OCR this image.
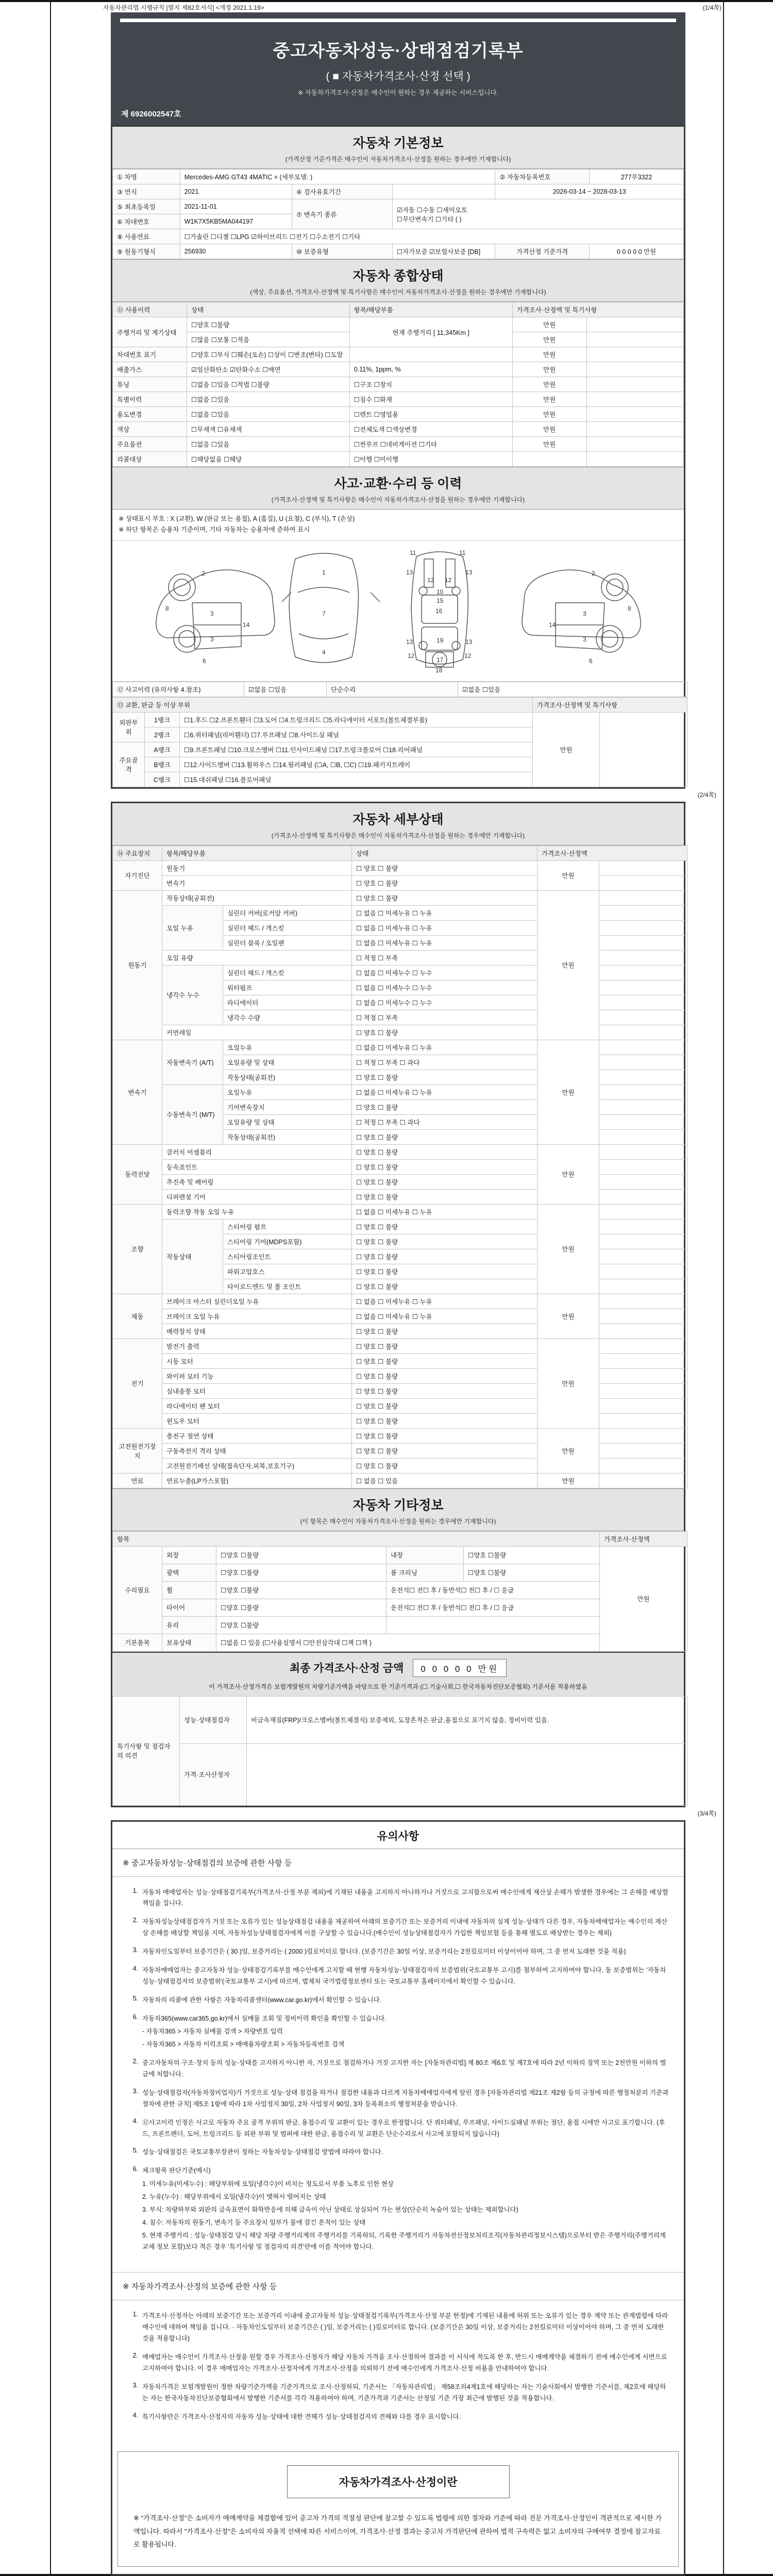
자동차관리법 시행규칙 [별지 제82호서식] <개정 2021.1.19>	(1/4쪽)
중고자동차성능·상태점검기록부
( ■ 자동차가격조사·산정 선택 )
※ 자동차가격조사·산정은 매수인이 원하는 경우 제공하는 서비스입니다.
제 6926002547호
자동차 기본정보
(가격산정 기준가격은 매수인이 자동차가격조사·산정을 원하는 경우에만 기재합니다)
① 차명	Mercedes-AMG GT43 4MATIC + (세부모델: )			② 자동차등록번호	277루3322
③ 연식	2021	④ 검사유효기간		2026-03-14 ~ 2028-03-13	
⑤ 최초등록일	2021-11-01	⑦ 변속기 종류	☑자동 ☐수동 ☐세미오토
☐무단변속기 ☐기타 ( )		

⑥ 차대번호	W1K7X5KB5MA044197				
⑧ 사용연료	☐가솔린 ☐디젤 ☐LPG ☑하이브리드 ☐전기 ☐수소전기 ☐기타				
⑨ 원동기형식	256930	⑩ 보증유형	☐자가보증 ☑보험사보증 [DB]	가격산정 기준가격	0 0 0 0 0 만원
자동차 종합상태
(색상, 주요옵션, 가격조사·산정액 및 특기사항은 매수인이 자동차가격조사·산정을 원하는 경우에만 기재합니다)
⑪ 사용이력	상태	항목/해당부품	가격조사·산정액 및 특기사항	
주행거리 및 계기상태	☐양호 ☐불량	현재 주행거리 [ 11,345Km ]	만원	
	☐많음 ☐보통 ☐적음		만원	
차대번호 표기	☐양호 ☐부식 ☐훼손(오손) ☐상이 ☐변조(변타) ☐도말		만원	
배출가스	☑일산화탄소 ☑탄화수소 ☐매연	0.11%, 1ppm, %	만원	
튜닝	☐없음 ☐있음 ☐적법 ☐불량	☐구조 ☐장치	만원	
특별이력	☐없음 ☐있음	☐침수 ☐화재	만원	
용도변경	☐없음 ☐있음	☐렌트 ☐영업용	만원	
색상	☐무채색 ☐유채색	☐전체도색 ☐색상변경	만원	
주요옵션	☐없음 ☐있음	☐썬루프 ☐네비게이션 ☐기타	만원	
리콜대상	☐해당없음 ☐해당	☐이행 ☐미이행		
사고·교환·수리 등 이력
(가격조사·산정액 및 특기사항은 매수인이 자동차가격조사·산정을 원하는 경우에만 기재합니다)
※ 상태표시 부호 : X (교환), W (판금 또는 용접), A (흠집), U (요철), C (부식), T (손상)
※ 하단 항목은 승용차 기준이며, 기타 자동차는 승용차에 준하여 표시
2
8
3
14
3
6
1
7
4
11	11
13	13
12 12
10
15
16
13	13
19
17
12	12
18
2
8
3
14
3
6
⑫ 사고이력 (유의사항 4.참조)	☑없음 ☐있음	단순수리	☑없음 ☐있음
⑬ 교환, 판금 등 이상 부위			가격조사·산정액 및 특기사항	
외판부위	1랭크	☐1.후드 ☐2.프론트휀더 ☐3.도어 ☐4.트렁크리드 ☐5.라디에이터 서포트(볼트체결부품)	만원	
	2랭크	☐6.쿼터패널(리어휀더) ☐7.루프패널 ☐8.사이드실 패널		
주요골격	A랭크	☐9.프론트패널 ☐10.크로스멤버 ☐11.인사이드패널 ☐17.트렁크플로어 ☐18.리어패널		
	B랭크	☐12.사이드멤버 ☐13.휠하우스 ☐14.필러패널 (☐A, ☐B, ☐C) ☐19.패키지트레이		
	C랭크	☐15.대쉬패널 ☐16.플로어패널		
(2/4쪽)
자동차 세부상태
(가격조사·산정액 및 특기사항은 매수인이 자동차가격조사·산정을 원하는 경우에만 기재합니다)
⑭ 주요장치	항목/해당부품		상태	가격조사·산정액	
자기진단	원동기		☐ 양호 ☐ 불량	만원	
	변속기		☐ 양호 ☐ 불량		
원동기	작동상태(공회전)		☐ 양호 ☐ 불량	만원	
	오일 누유	실린더 커버(로커암 커버)	☐ 없음 ☐ 미세누유 ☐ 누유		
		실린더 헤드 / 개스킷	☐ 없음 ☐ 미세누유 ☐ 누유		
		실린더 블록 / 오일팬	☐ 없음 ☐ 미세누유 ☐ 누유		
	오일 유량		☐ 적정 ☐ 부족		
	냉각수 누수	실린더 헤드 / 개스킷	☐ 없음 ☐ 미세누수 ☐ 누수		
		워터펌프	☐ 없음 ☐ 미세누수 ☐ 누수		
		라디에이터	☐ 없음 ☐ 미세누수 ☐ 누수		
		냉각수 수량	☐ 적정 ☐ 부족		
	커먼레일		☐ 양호 ☐ 불량		
변속기	자동변속기 (A/T)	오일누유	☐ 없음 ☐ 미세누유 ☐ 누유	만원	
		오일유량 및 상태	☐ 적정 ☐ 부족 ☐ 과다		
		작동상태(공회전)	☐ 양호 ☐ 불량		
	수동변속기 (M/T)	오일누유	☐ 없음 ☐ 미세누유 ☐ 누유		
		기어변속장치	☐ 양호 ☐ 불량		
		오일유량 및 상태	☐ 적정 ☐ 부족 ☐ 과다		
		작동상태(공회전)	☐ 양호 ☐ 불량		
동력전달	클러치 어셈블리		☐ 양호 ☐ 불량	만원	
	등속죠인트		☐ 양호 ☐ 불량		
	추진축 및 베어링		☐ 양호 ☐ 불량		
	디퍼렌셜 기어		☐ 양호 ☐ 불량		
조향	동력조향 작동 오일 누유		☐ 없음 ☐ 미세누유 ☐ 누유	만원	
	작동상태	스티어링 펌프	☐ 양호 ☐ 불량		
		스티어링 기어(MDPS포함)	☐ 양호 ☐ 불량		
		스티어링조인트	☐ 양호 ☐ 불량		
		파워고압호스	☐ 양호 ☐ 불량		
		타이로드엔드 및 볼 조인트	☐ 양호 ☐ 불량		
제동	브레이크 마스터 실린더오일 누유		☐ 없음 ☐ 미세누유 ☐ 누유	만원	
	브레이크 오일 누유		☐ 없음 ☐ 미세누유 ☐ 누유		
	배력장치 상태		☐ 양호 ☐ 불량		
전기	발전기 출력		☐ 양호 ☐ 불량	만원	
	시동 모터		☐ 양호 ☐ 불량		
	와이퍼 모터 기능		☐ 양호 ☐ 불량		
	실내송풍 모터		☐ 양호 ☐ 불량		
	라디에이터 팬 모터		☐ 양호 ☐ 불량		
	윈도우 모터		☐ 양호 ☐ 불량		
고전원전기장치	충전구 절연 상태		☐ 양호 ☐ 불량	만원	
	구동축전지 격리 상태		☐ 양호 ☐ 불량		
	고전원전기배선 상태(접속단자,피복,보호기구)		☐ 양호 ☐ 불량		
연료	연료누출(LP가스포함)		☐ 없음 ☐ 있음	만원	
자동차 기타정보
(이 항목은 매수인이 자동차가격조사·산정을 원하는 경우에만 기재합니다)
항목					가격조사·산정액
수리필요	외장	☐양호 ☐불량	내장	☐양호 ☐불량	만원
	광택	☐양호 ☐불량	룸 크리닝	☐양호 ☐불량	
	휠	☐양호 ☐불량	운전석☐ 전☐ 후 / 동반석☐ 전☐ 후 / ☐ 응급		
	타이어	☐양호 ☐불량	운전석☐ 전☐ 후 / 동반석☐ 전☐ 후 / ☐ 응급		
	유리	☐양호 ☐불량			
기본품목	보유상태	☐없음 ☐ 있음 (☐사용설명서 ☐안전삼각대 ☐잭 ☐잭 )			
최종 가격조사·산정 금액	0 0 0 0 0 만원
이 가격조사·산정가격은 보험개발원의 차량기준가액을 바탕으로 한 기준가격과 (☐ 기술사회,☐ 한국자동차진단보증협회) 기준서를 적용하였음
특기사항 및 점검자의 의견	성능·상태점검자	비금속재질(FRP)/크로스멤버(볼트체결식) 보증제외, 도장흔적은 판금,용접으로 표기치 않음, 정비이력 있음.
	가격·조사산정자	
(3/4쪽)
유의사항
※ 중고자동차성능·상태점검의 보증에 관한 사항 등
1. 자동차 매매업자는 성능·상태점검기록부(가격조사·산정 부분 제외)에 기재된 내용을 고지하지 아니하거나 거짓으로 고지함으로써 매수인에게 재산상 손해가 발생한 경우에는 그 손해를 배상할 책임을 집니다.
2. 자동차성능상태점검자가 거짓 또는 오류가 있는 성능상태점검 내용을 제공하여 아래의 보증기간 또는 보증거리 이내에 자동차의 실제 성능·상태가 다른 경우, 자동차매매업자는 매수인의 재산상 손해를 배상할 책임을 지며, 자동차성능상태점검자에게 이를 구상할 수 있습니다.(매수인이 성능상태점검자가 가입한 책임보험 등을 통해 별도로 배상받는 경우는 제외)
3. 자동차인도일부터 보증기간은 ( 30 )일, 보증거리는 ( 2000 )킬로미터로 합니다. (보증기간은 30일 이상, 보증거리는 2천킬로미터 이상이어야 하며, 그 중 먼저 도래한 것을 적용)
4. 자동차매매업자는 중고자동차 성능·상태점검기록부를 매수인에게 고지할 때 현행 자동차성능·상태점검자의 보증범위(국토교통부 고시)를 첨부하여 고지하여야 합니다. 동 보증범위는 '자동차성능·상태점검자의 보증범위'(국토교통부 고시)에 따르며, 법제처 국가법령정보센터 또는 국토교통부 홈페이지에서 확인할 수 있습니다.
5. 자동차의 리콜에 관한 사항은 자동차리콜센터(www.car.go.kr)에서 확인할 수 있습니다.
6. 자동차365(www.car365.go.kr)에서 실매물 조회 및 정비이력 확인을 확인할 수 있습니다.
- 자동차365 > 자동차 실매물 검색 > 차량번호 입력
- 자동차365 > 자동차 이력조회 > 매매용차량조회 > 자동차등록번호 검색
2. 중고자동차의 구조·장치 등의 성능·상태를 고지하지 아니한 자, 거짓으로 점검하거나 거짓 고지한 자는 [자동차관리법] 제 80조 제6호 및 제7호에 따라 2년 이하의 징역 또는 2천만원 이하의 벌금에 처합니다.
3. 성능·상태점검자(자동차정비업자)가 거짓으로 성능·상태 점검을 하거나 점검한 내용과 다르게 자동차매매업자에게 알린 경우 [자동차관리법 제21조 제2항 등의 규정에 따른 행정처분의 기준과 절차에 관한 규칙] 제5조 1항에 따라 1차 사업정지 30일, 2차 사업정지 90일, 3차 등록취소의 행정처분을 받습니다.
4. ⑫사고이력 인정은 사고로 자동차 주요 골격 부위의 판금, 용접수리 및 교환이 있는 경우로 한정합니다. 단 쿼터패널, 루프패널, 사이드실패널 부위는 절단, 용접 시에만 사고로 표기합니다. (후드, 프론트펜더, 도어, 트렁크리드 등 외판 부위 및 범퍼에 대한 판금, 용접수리 및 교환은 단순수리로서 사고에 포함되지 않습니다)
5. 성능·상태점검은 국토교통부장관이 정하는 자동차성능·상태점검 방법에 따라야 합니다.
6. 체크항목 판단기준(예시)
1. 미세누유(미세누수) : 해당부위에 오일(냉각수)이 비치는 정도로서 부품 노후로 인한 현상
2. 누유(누수) : 해당부위에서 오일(냉각수)이 맺혀서 떨어지는 상태
3. 부식: 차량하부와 외판의 금속표면이 화학반응에 의해 금속이 아닌 상태로 상실되어 가는 현상(단순히 녹슬어 있는 상태는 제외합니다)
4. 침수: 자동차의 원동기, 변속기 등 주요장치 일부가 물에 잠긴 흔적이 있는 상태
5. 현재 주행거리 : 성능·상태점검 당시 해당 차량 주행거리계의 주행거리를 기록하되, 기록한 주행거리가 자동차전산정보처리조직(자동차관리정보시스템)으로부터 받은 주행거리(주행거리계 교체 정보 포함)보다 적은 경우 '특기사항 및 점검자의 의견'란에 이를 적어야 합니다.
※ 자동차가격조사·산정의 보증에 관한 사항 등
1. 가격조사·산정자는 아래의 보증기간 또는 보증거리 이내에 중고자동차 성능·상태점검기록부(가격조사·산정 부분 한정)에 기재된 내용에 허위 또는 오류가 있는 경우 계약 또는 관계법령에 따라 매수인에 대하여 책임을 집니다. · 자동차인도일부터 보증기간은 ( )일, 보증거리는 ( )킬로미터로 합니다. (보증기간은 30일 이상, 보증거리는 2천킬로미터 이상이어야 하며, 그 중 먼저 도래한 것을 적용합니다)
2. 매매업자는 매수인이 가격조사·산정을 원할 경우 가격조사·산정자가 해당 자동차 가격을 조사·산정하여 결과를 이 서식에 적도록 한 후, 반드시 매매계약을 체결하기 전에 매수인에게 서면으로 고지하여야 합니다. 이 경우 매매업자는 가격조사·산정자에게 가격조사·산정을 의뢰하기 전에 매수인에게 가격조사·산정 비용을 안내하여야 합니다.
3. 자동차가격은 보험개발원이 정한 차량기준가액을 기준가격으로 조사·산정하되, 기준서는 「자동차관리법」 제58조의4제1호에 해당하는 자는 기술사회에서 발행한 기준서를, 제2호에 해당하는 자는 한국자동차진단보증협회에서 발행한 기준서를 각각 적용하여야 하며, 기준가격과 기준서는 산정일 기준 가장 최근에 발행된 것을 적용합니다.
4. 특기사항란은 가격조사·산정자의 자동차 성능·상태에 대한 견해가 성능·상태점검자의 견해와 다를 경우 표시합니다.
자동차가격조사·산정이란
※ "가격조사·산정"은 소비자가 매매계약을 체결함에 있어 중고차 가격의 적절성 판단에 참고할 수 있도록 법령에 의한 절차와 기준에 따라 전문 가격조사·산정인이 객관적으로 제시한 가액입니다. 따라서 "가격조사·산정"은 소비자의 자율적 선택에 따른 서비스이며, 가격조사·산정 결과는 중고차 가격판단에 관하여 법적 구속력은 없고 소비자의 구매여부 결정에 참고자료로 활용됩니다.
